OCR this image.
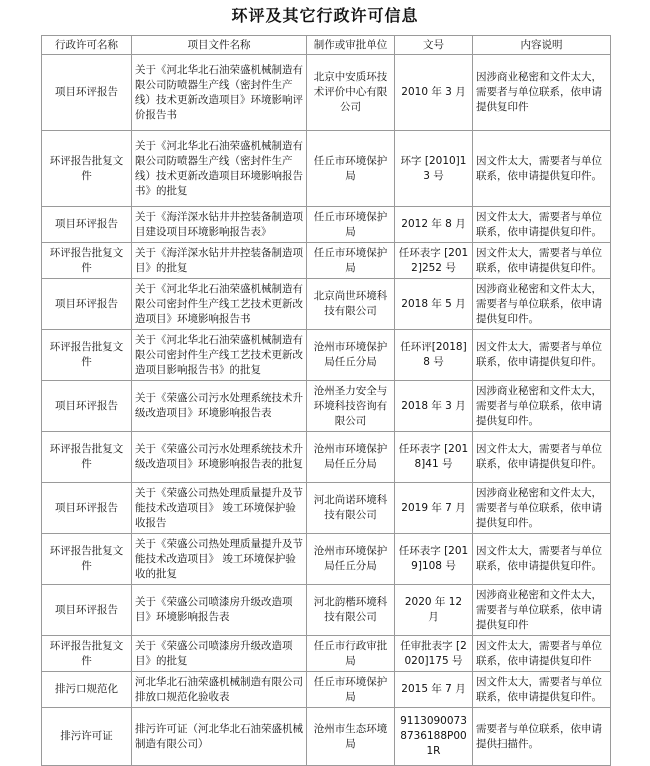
环评及其它行政许可信息
行政许可名称	项目文件名称	制作或审批单位	文号	内容说明
项目环评报告	关于《河北华北石油荣盛机械制造有限公司防喷器生产线（密封件生产线）技术更新改造项目》环境影响评价报告书	北京中安质环技术评价中心有限公司	2010 年 3 月	因涉商业秘密和文件太大，需要者与单位联系，依申请提供复印件
环评报告批复文件	关于《河北华北石油荣盛机械制造有限公司防喷器生产线（密封件生产线）技术更新改造项目环境影响报告书》的批复	任丘市环境保护局	环字 [2010]13 号	因文件太大，需要者与单位联系，依申请提供复印件。
项目环评报告	关于《海洋深水钻井井控装备制造项目建设项目环境影响报告表》	任丘市环境保护局	2012 年 8 月	因文件太大，需要者与单位联系，依申请提供复印件。
环评报告批复文件	关于《海洋深水钻井井控装备制造项目》的批复	任丘市环境保护局	任环表字 [2012]252 号	因文件太大，需要者与单位联系，依申请提供复印件。
项目环评报告	关于《河北华北石油荣盛机械制造有限公司密封件生产线工艺技术更新改造项目》环境影响报告书	北京尚世环境科技有限公司	2018 年 5 月	因涉商业秘密和文件太大，需要者与单位联系，依申请提供复印件。
环评报告批复文件	关于《河北华北石油荣盛机械制造有限公司密封件生产线工艺技术更新改造项目影响报告书》的批复	沧州市环境保护局任丘分局	任环评[2018]8 号	因文件太大，需要者与单位联系，依申请提供复印件。
项目环评报告	关于《荣盛公司污水处理系统技术升级改造项目》环境影响报告表	沧州圣力安全与环境科技咨询有限公司	2018 年 3 月	因涉商业秘密和文件太大，需要者与单位联系，依申请提供复印件。
环评报告批复文件	关于《荣盛公司污水处理系统技术升级改造项目》环境影响报告表的批复	沧州市环境保护局任丘分局	任环表字 [2018]41 号	因文件太大，需要者与单位联系，依申请提供复印件。
项目环评报告	关于《荣盛公司热处理质量提升及节能技术改造项目》 竣工环境保护验收报告	河北尚诺环境科技有限公司	2019 年 7 月	因涉商业秘密和文件太大，需要者与单位联系，依申请提供复印件。
环评报告批复文件	关于《荣盛公司热处理质量提升及节能技术改造项目》 竣工环境保护验收的批复	沧州市环境保护局任丘分局	任环表字 [2019]108 号	因文件太大，需要者与单位联系，依申请提供复印件。
项目环评报告	关于《荣盛公司喷漆房升级改造项目》环境影响报告表	河北韵楷环境科技有限公司	2020 年 12 月	因涉商业秘密和文件太大，需要者与单位联系，依申请提供复印件
环评报告批复文件	关于《荣盛公司喷漆房升级改造项目》的批复	任丘市行政审批局	任审批表字 [2020]175 号	因文件太大，需要者与单位联系，依申请提供复印件
排污口规范化	河北华北石油荣盛机械制造有限公司排放口规范化验收表	任丘市环境保护局	2015 年 7 月	因文件太大，需要者与单位联系，依申请提供复印件。
排污许可证	排污许可证（河北华北石油荣盛机械制造有限公司）	沧州市生态环境局	91130900738736188P001R	需要者与单位联系，依申请提供扫描件。
